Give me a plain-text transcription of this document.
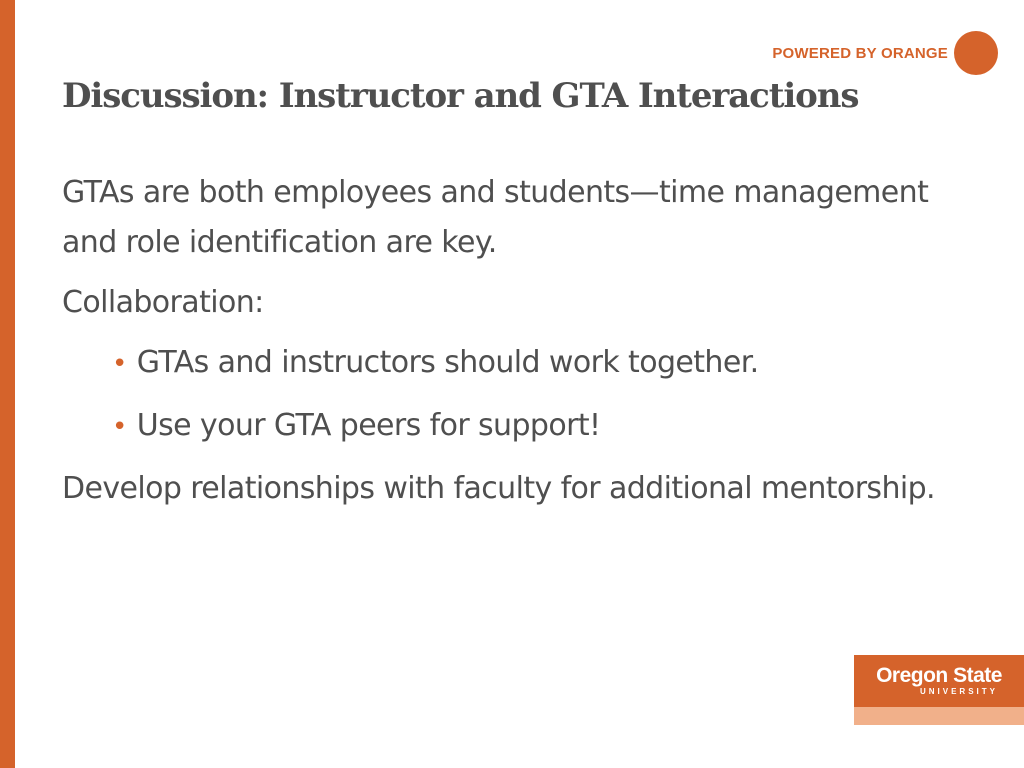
POWERED BY ORANGE
Discussion: Instructor and GTA Interactions

GTAs are both employees and students—time management and role identification are key.

Collaboration:

• GTAs and instructors should work together.
• Use your GTA peers for support!

Develop relationships with faculty for additional mentorship.

Oregon State
UNIVERSITY
